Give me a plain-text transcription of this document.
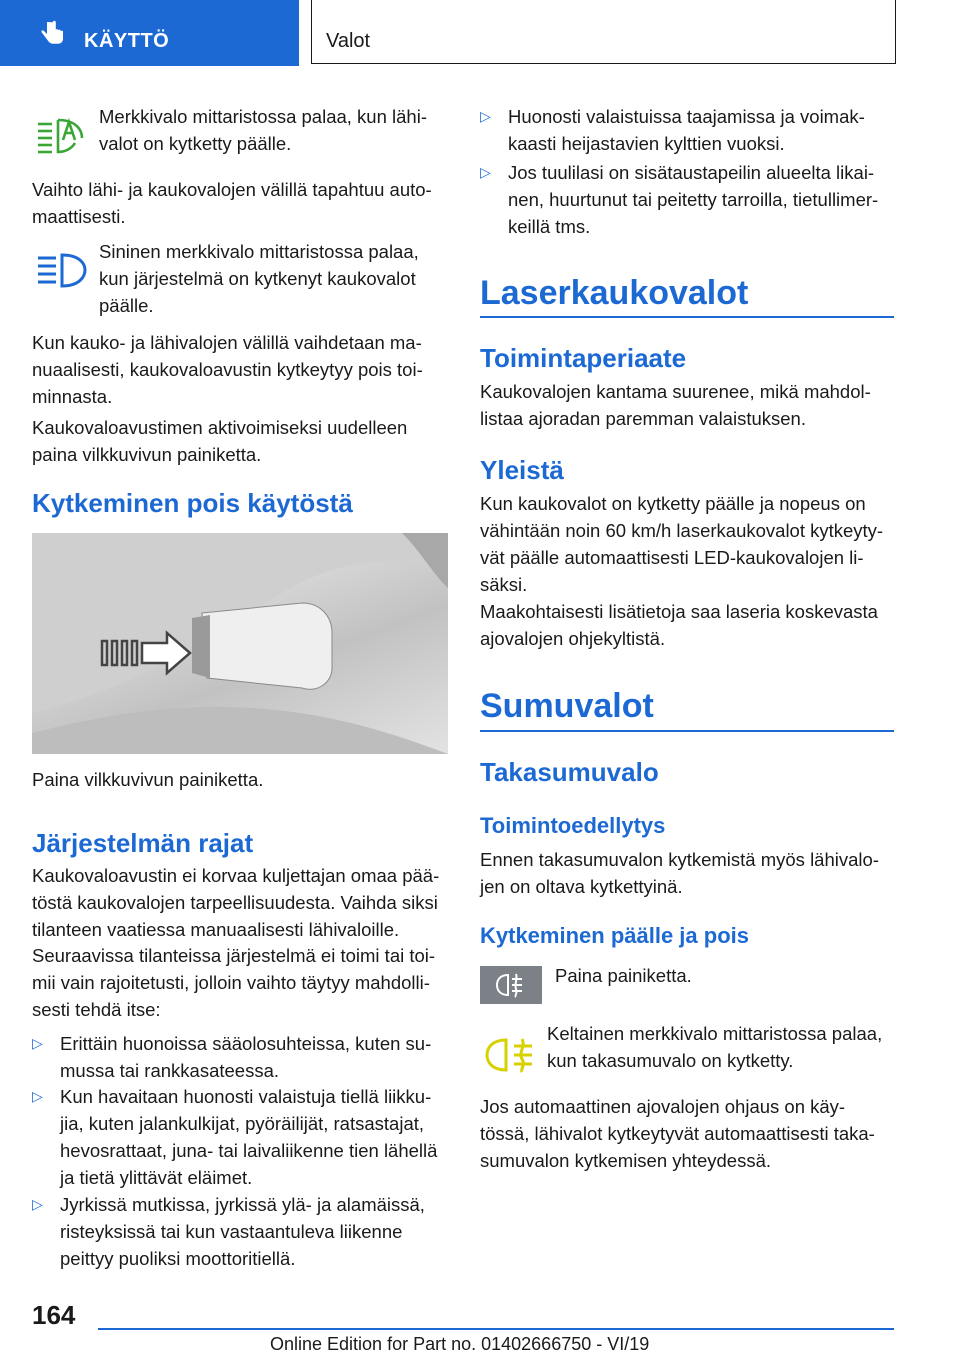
KÄYTTÖ	Valot

Merkkivalo mittaristossa palaa, kun lähi-
valot on kytketty päälle.

Vaihto lähi- ja kaukovalojen välillä tapahtuu auto-
maattisesti.

Sininen merkkivalo mittaristossa palaa,
kun järjestelmä on kytkenyt kaukovalot
päälle.

Kun kauko- ja lähivalojen välillä vaihdetaan ma-
nuaalisesti, kaukovaloavustin kytkeytyy pois toi-
minnasta.

Kaukovaloavustimen aktivoimiseksi uudelleen
paina vilkkuvivun painiketta.

Kytkeminen pois käytöstä

Paina vilkkuvivun painiketta.

Järjestelmän rajat

Kaukovaloavustin ei korvaa kuljettajan omaa pää-
töstä kaukovalojen tarpeellisuudesta. Vaihda siksi
tilanteen vaatiessa manuaalisesti lähivaloille.

Seuraavissa tilanteissa järjestelmä ei toimi tai toi-
mii vain rajoitetusti, jolloin vaihto täytyy mahdolli-
sesti tehdä itse:

▷ Erittäin huonoissa sääolosuhteissa, kuten su-
mussa tai rankkasateessa.
▷ Kun havaitaan huonosti valaistuja tiellä liikku-
jia, kuten jalankulkijat, pyöräilijät, ratsastajat,
hevosrattaat, juna- tai laivaliikenne tien lähellä
ja tietä ylittävät eläimet.
▷ Jyrkissä mutkissa, jyrkissä ylä- ja alamäissä,
risteyksissä tai kun vastaantuleva liikenne
peittyy puoliksi moottoritiellä.
▷ Huonosti valaistuissa taajamissa ja voimak-
kaasti heijastavien kylttien vuoksi.
▷ Jos tuulilasi on sisätaustapeilin alueelta likai-
nen, huurtunut tai peitetty tarroilla, tietullimer-
keillä tms.
Laserkaukovalot
Toimintaperiaate

Kaukovalojen kantama suurenee, mikä mahdol-
listaa ajoradan paremman valaistuksen.

Yleistä

Kun kaukovalot on kytketty päälle ja nopeus on
vähintään noin 60 km/h laserkaukovalot kytkeyty-
vät päälle automaattisesti LED-kaukovalojen li-
säksi.

Maakohtaisesti lisätietoja saa laseria koskevasta
ajovalojen ohjekyltistä.

Sumuvalot
Takasumuvalo
Toimintoedellytys

Ennen takasumuvalon kytkemistä myös lähivalo-
jen on oltava kytkettyinä.

Kytkeminen päälle ja pois

Paina painiketta.

Keltainen merkkivalo mittaristossa palaa,
kun takasumuvalo on kytketty.

Jos automaattinen ajovalojen ohjaus on käy-
tössä, lähivalot kytkeytyvät automaattisesti taka-
sumuvalon kytkemisen yhteydessä.

164
Online Edition for Part no. 01402666750 - VI/19
